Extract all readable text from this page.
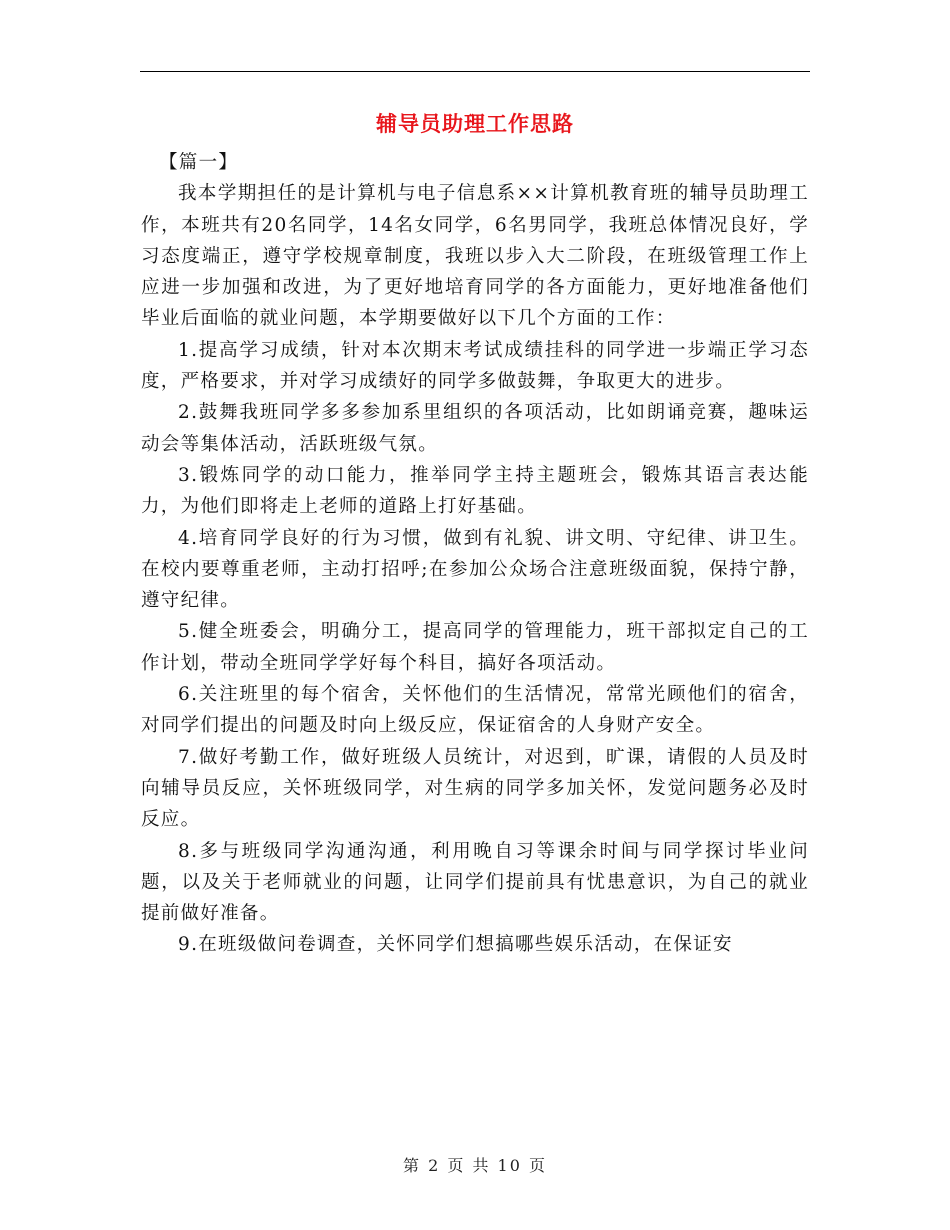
辅导员助理工作思路
【篇一】

我本学期担任的是计算机与电子信息系××计算机教育班的辅导员助理工作，本班共有20名同学，14名女同学，6名男同学，我班总体情况良好，学习态度端正，遵守学校规章制度，我班以步入大二阶段，在班级管理工作上应进一步加强和改进，为了更好地培育同学的各方面能力，更好地准备他们毕业后面临的就业问题，本学期要做好以下几个方面的工作：

1.提高学习成绩，针对本次期末考试成绩挂科的同学进一步端正学习态度，严格要求，并对学习成绩好的同学多做鼓舞，争取更大的进步。

2.鼓舞我班同学多多参加系里组织的各项活动，比如朗诵竞赛，趣味运动会等集体活动，活跃班级气氛。

3.锻炼同学的动口能力，推举同学主持主题班会，锻炼其语言表达能力，为他们即将走上老师的道路上打好基础。

4.培育同学良好的行为习惯，做到有礼貌、讲文明、守纪律、讲卫生。在校内要尊重老师，主动打招呼;在参加公众场合注意班级面貌，保持宁静，遵守纪律。

5.健全班委会，明确分工，提高同学的管理能力，班干部拟定自己的工作计划，带动全班同学学好每个科目，搞好各项活动。

6.关注班里的每个宿舍，关怀他们的生活情况，常常光顾他们的宿舍，对同学们提出的问题及时向上级反应，保证宿舍的人身财产安全。

7.做好考勤工作，做好班级人员统计，对迟到，旷课，请假的人员及时向辅导员反应，关怀班级同学，对生病的同学多加关怀，发觉问题务必及时反应。

8.多与班级同学沟通沟通，利用晚自习等课余时间与同学探讨毕业问题，以及关于老师就业的问题，让同学们提前具有忧患意识，为自己的就业提前做好准备。

9.在班级做问卷调查，关怀同学们想搞哪些娱乐活动，在保证安

第 2 页 共 10 页
